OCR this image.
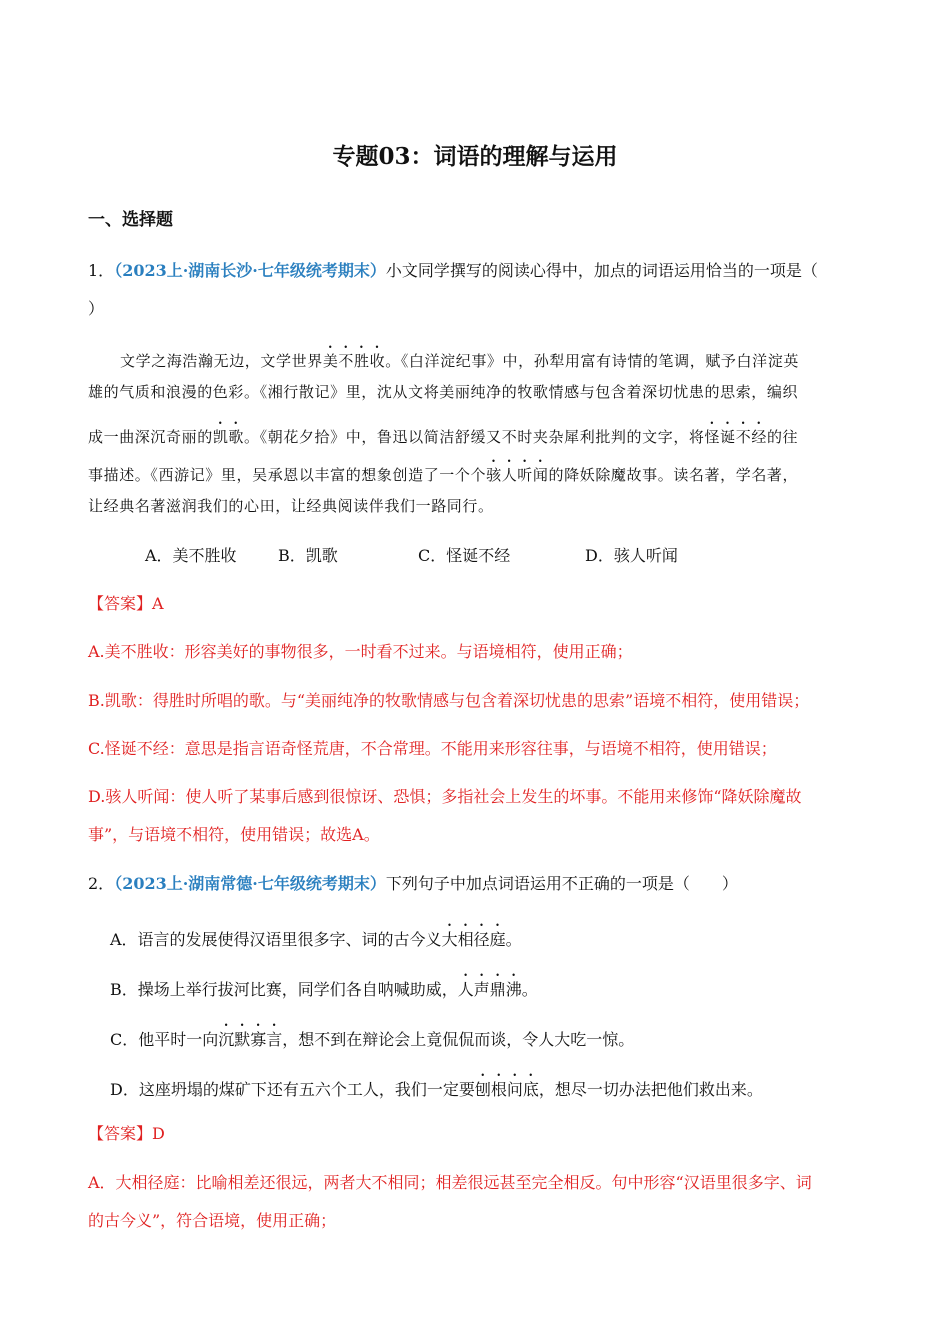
专题03：词语的理解与运用
一、选择题
1．（2023上·湖南长沙·七年级统考期末）小文同学撰写的阅读心得中，加点的词语运用恰当的一项是（
）
文学之海浩瀚无边，文学世界美不胜收。《白洋淀纪事》中，孙犁用富有诗情的笔调，赋予白洋淀英
雄的气质和浪漫的色彩。《湘行散记》里，沈从文将美丽纯净的牧歌情感与包含着深切忧患的思索，编织
成一曲深沉奇丽的凯歌。《朝花夕拾》中，鲁迅以简洁舒缓又不时夹杂犀利批判的文字，将怪诞不经的往
事描述。《西游记》里，吴承恩以丰富的想象创造了一个个骇人听闻的降妖除魔故事。读名著，学名著，
让经典名著滋润我们的心田，让经典阅读伴我们一路同行。
A．美不胜收	B．凯歌	C．怪诞不经	D．骇人听闻
【答案】A
A.美不胜收：形容美好的事物很多，一时看不过来。与语境相符，使用正确；
B.凯歌：得胜时所唱的歌。与“美丽纯净的牧歌情感与包含着深切忧患的思索”语境不相符，使用错误；
C.怪诞不经：意思是指言语奇怪荒唐，不合常理。不能用来形容往事，与语境不相符，使用错误；
D.骇人听闻：使人听了某事后感到很惊讶、恐惧；多指社会上发生的坏事。不能用来修饰“降妖除魔故
事”，与语境不相符，使用错误；故选A。
2．（2023上·湖南常德·七年级统考期末）下列句子中加点词语运用不正确的一项是（　　）
A．语言的发展使得汉语里很多字、词的古今义大相径庭。
B．操场上举行拔河比赛，同学们各自呐喊助威，人声鼎沸。
C．他平时一向沉默寡言，想不到在辩论会上竟侃侃而谈，令人大吃一惊。
D．这座坍塌的煤矿下还有五六个工人，我们一定要刨根问底，想尽一切办法把他们救出来。
【答案】D
A．大相径庭：比喻相差还很远，两者大不相同；相差很远甚至完全相反。句中形容“汉语里很多字、词
的古今义”，符合语境，使用正确；
